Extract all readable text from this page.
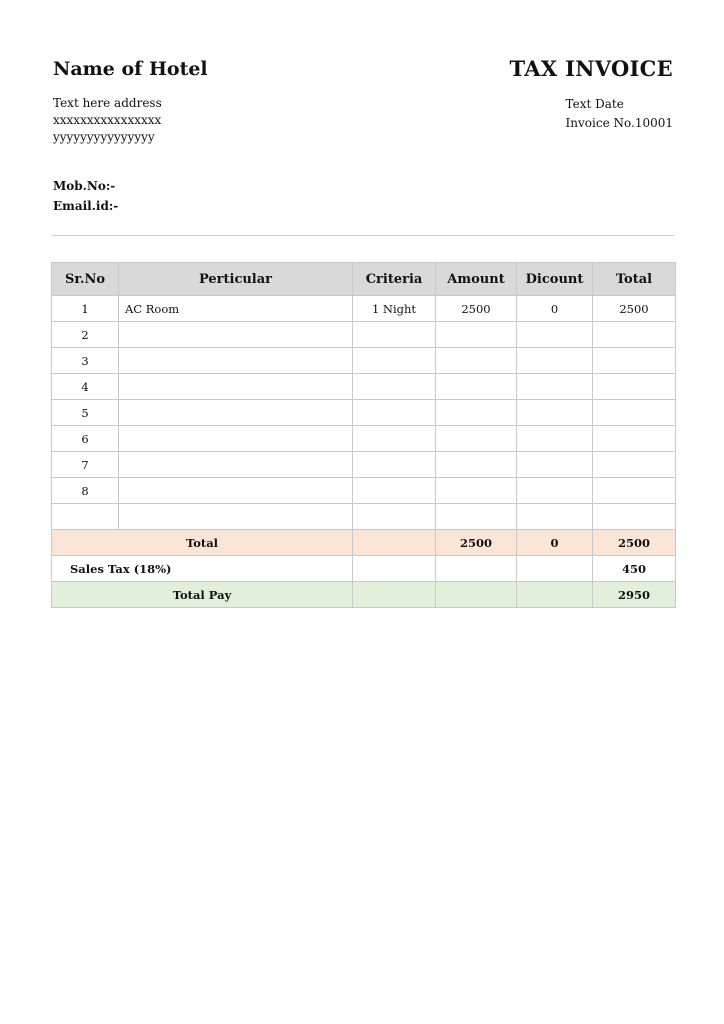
Name of Hotel	TAX INVOICE
Text here address
xxxxxxxxxxxxxxxx
yyyyyyyyyyyyyyy
Text Date
Invoice No.10001
Mob.No:-
Email.id:-
Sr.No	Perticular	Criteria	Amount	Dicount	Total
1	AC Room	1 Night	2500	0	2500
2					
3					
4					
5					
6					
7					
8					

Total			2500	0	2500
Sales Tax (18%)					450
Total Pay					2950
